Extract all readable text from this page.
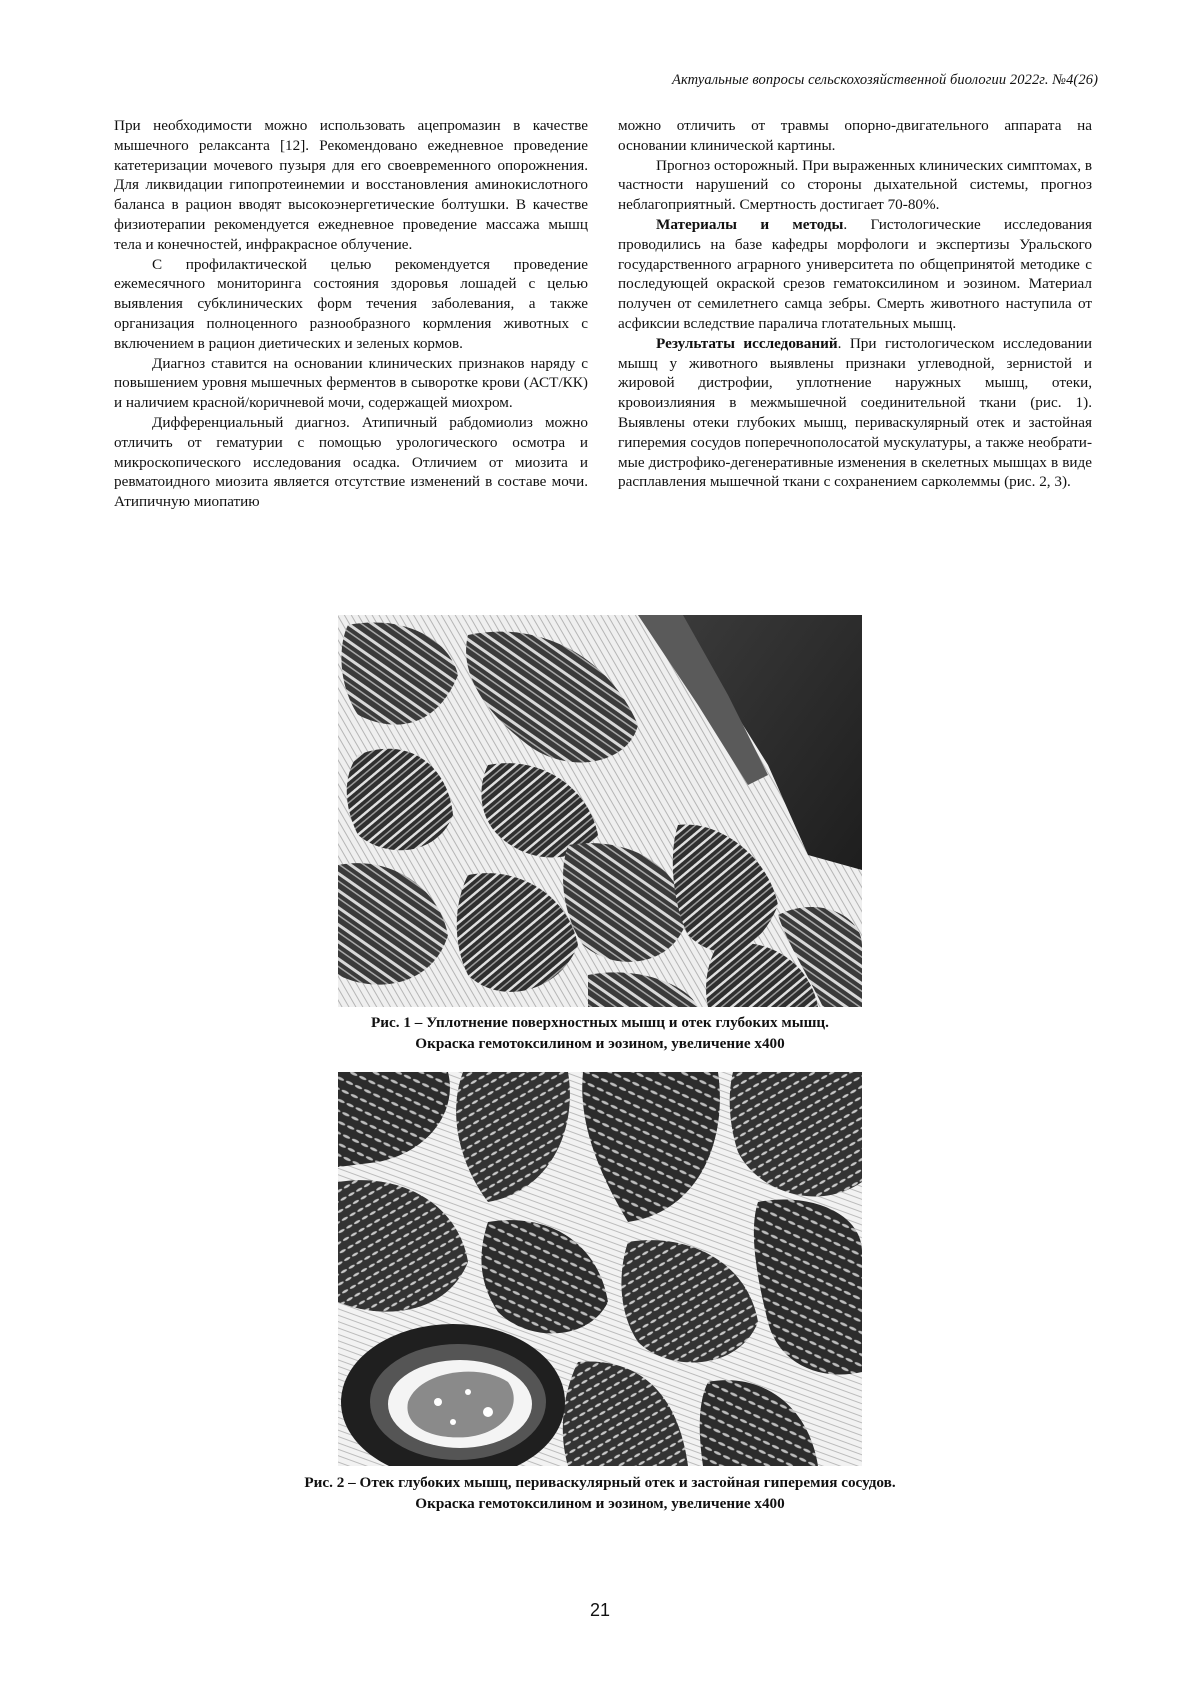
Актуальные вопросы сельскохозяйственной биологии 2022г. №4(26)

При необходимости можно использовать ацепромазин в качестве мышечного релаксанта [12]. Рекомендовано ежедневное проведение катетеризации мочевого пузыря для его своевременного опорожнения. Для ликвидации гипопротеинемии и восстановления аминокислотного баланса в рацион вводят высокоэнергетические болтушки. В качестве физиотерапии рекомендуется ежедневное проведение массажа мышц тела и конечностей, инфракрасное облучение.

С профилактической целью рекомендуется проведение ежемесячного мониторинга состояния здоровья лошадей с целью выявления субклинических форм течения заболевания, а также организация полноценного разнообразного кормления животных с включением в рацион диетических и зеленых кормов.

Диагноз ставится на основании клинических признаков наряду с повышением уровня мышечных ферментов в сыворотке крови (АСТ/КК) и наличием красной/коричневой мочи, содержащей миохром.

Дифференциальный диагноз. Атипичный рабдомиолиз можно отличить от гематурии с помощью урологического осмотра и микроскопического исследования осадка. Отличием от миозита и ревматоидного миозита является отсутствие изменений в составе мочи. Атипичную миопатию

можно отличить от травмы опорно-двигательного аппарата на основании клинической картины.

Прогноз осторожный. При выраженных клинических симптомах, в частности нарушений со стороны дыхательной системы, прогноз неблагоприятный. Смертность достигает 70-80%.

Материалы и методы. Гистологические исследования проводились на базе кафедры морфологи и экспертизы Уральского государственного аграрного университета по общепринятой методике с последующей окраской срезов гематоксилином и эозином. Материал получен от семилетнего самца зебры. Смерть животного наступила от асфиксии вследствие паралича глотательных мышц.

Результаты исследований. При гистологическом исследовании мышц у животного выявлены признаки углеводной, зернистой и жировой дистрофии, уплотнение наружных мышц, отеки, кровоизлияния в межмышечной соединительной ткани (рис. 1). Выявлены отеки глубоких мышц, периваскулярный отек и застойная гиперемия сосудов поперечнополосатой мускулатуры, а также необратимые дистрофико-дегенеративные изменения в скелетных мышцах в виде расплавления мышечной ткани с сохранением сарколеммы (рис. 2, 3).

Рис. 1 – Уплотнение поверхностных мышц и отек глубоких мышц.
Окраска гемотоксилином и эозином, увеличение х400
Рис. 2 – Отек глубоких мышц, периваскулярный отек и застойная гиперемия сосудов.
Окраска гемотоксилином и эозином, увеличение х400
21
